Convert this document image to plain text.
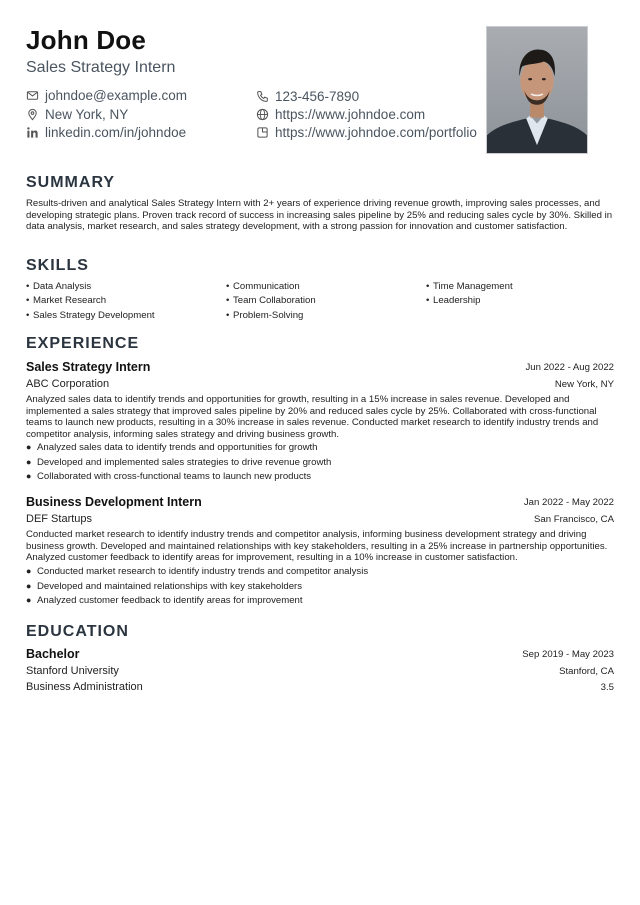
John Doe
Sales Strategy Intern
johndoe@example.com
New York, NY
linkedin.com/in/johndoe
123-456-7890
https://www.johndoe.com
https://www.johndoe.com/portfolio
SUMMARY
Results-driven and analytical Sales Strategy Intern with 2+ years of experience driving revenue growth, improving sales processes, and developing strategic plans. Proven track record of success in increasing sales pipeline by 25% and reducing sales cycle by 30%. Skilled in data analysis, market research, and sales strategy development, with a strong passion for innovation and customer satisfaction.
SKILLS
• Data Analysis	• Communication	• Time Management
• Market Research	• Team Collaboration	• Leadership
• Sales Strategy Development	• Problem-Solving
EXPERIENCE
Sales Strategy Intern	Jun 2022 - Aug 2022
ABC Corporation	New York, NY
Analyzed sales data to identify trends and opportunities for growth, resulting in a 15% increase in sales revenue. Developed and implemented a sales strategy that improved sales pipeline by 20% and reduced sales cycle by 25%. Collaborated with cross-functional teams to launch new products, resulting in a 30% increase in sales revenue. Conducted market research to identify industry trends and competitor analysis, informing sales strategy and driving business growth.
● Analyzed sales data to identify trends and opportunities for growth
● Developed and implemented sales strategies to drive revenue growth
● Collaborated with cross-functional teams to launch new products
Business Development Intern	Jan 2022 - May 2022
DEF Startups	San Francisco, CA
Conducted market research to identify industry trends and competitor analysis, informing business development strategy and driving business growth. Developed and maintained relationships with key stakeholders, resulting in a 25% increase in partnership opportunities. Analyzed customer feedback to identify areas for improvement, resulting in a 10% increase in customer satisfaction.
● Conducted market research to identify industry trends and competitor analysis
● Developed and maintained relationships with key stakeholders
● Analyzed customer feedback to identify areas for improvement
EDUCATION
Bachelor	Sep 2019 - May 2023
Stanford University	Stanford, CA
Business Administration	3.5
